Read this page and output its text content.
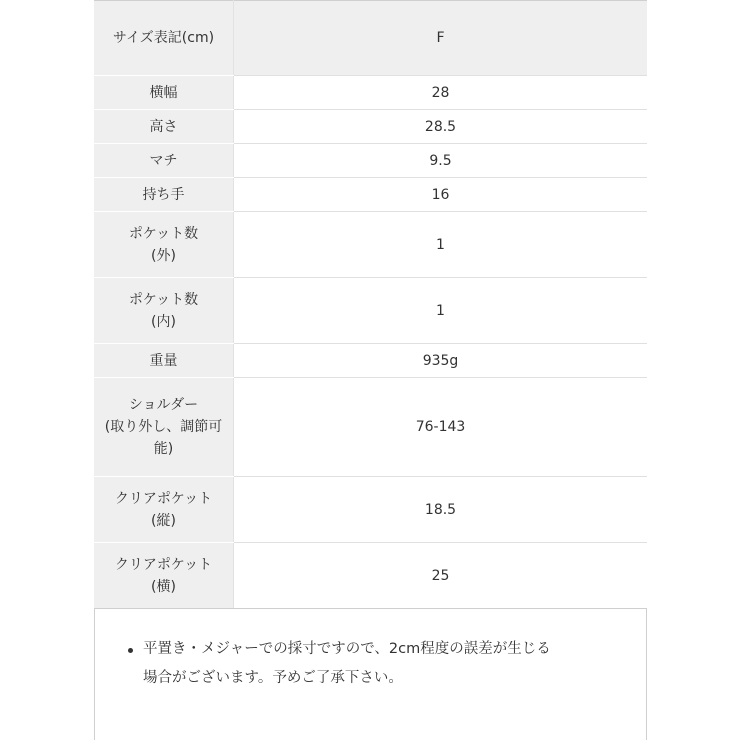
サイズ表記(cm)	F
横幅	28
高さ	28.5
マチ	9.5
持ち手	16

ポケット数
(外)	1

ポケット数
(内)	1
重量	935g

ショルダー
(取り外し、調節可
能)	76-143

クリアポケット
(縦)	18.5

クリアポケット
(横)	25
平置き・メジャーでの採寸ですので、2cm程度の誤差が生じる
場合がございます。予めご了承下さい。
